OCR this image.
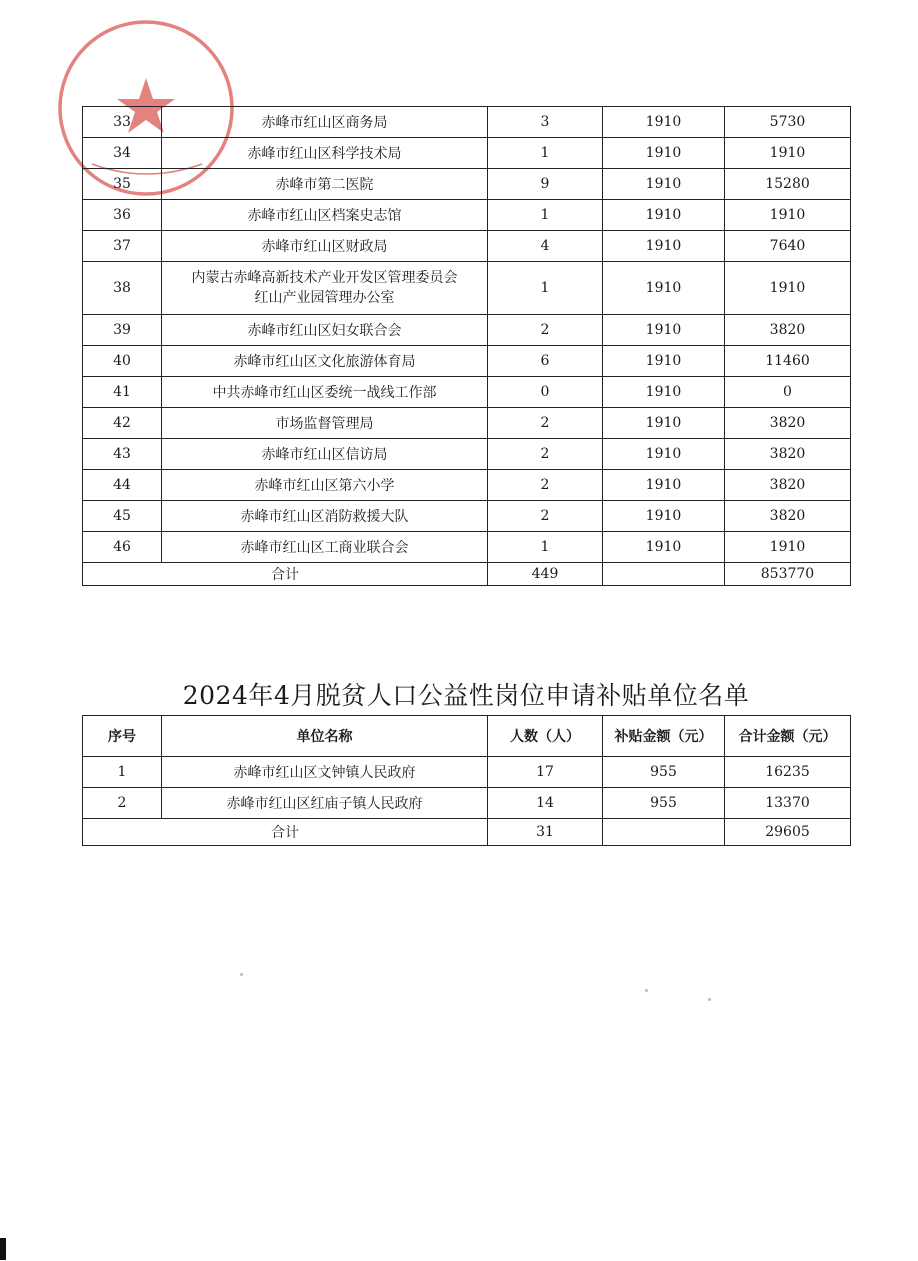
33	赤峰市红山区商务局	3	1910	5730
34	赤峰市红山区科学技术局	1	1910	1910
35	赤峰市第二医院	9	1910	15280
36	赤峰市红山区档案史志馆	1	1910	1910
37	赤峰市红山区财政局	4	1910	7640
38	内蒙古赤峰高新技术产业开发区管理委员会
红山产业园管理办公室	1	1910	1910
39	赤峰市红山区妇女联合会	2	1910	3820
40	赤峰市红山区文化旅游体育局	6	1910	11460
41	中共赤峰市红山区委统一战线工作部	0	1910	0
42	市场监督管理局	2	1910	3820
43	赤峰市红山区信访局	2	1910	3820
44	赤峰市红山区第六小学	2	1910	3820
45	赤峰市红山区消防救援大队	2	1910	3820
46	赤峰市红山区工商业联合会	1	1910	1910
合计		449		853770
2024年4月脱贫人口公益性岗位申请补贴单位名单
序号	单位名称	人数（人）	补贴金额（元）	合计金额（元）
1	赤峰市红山区文钟镇人民政府	17	955	16235
2	赤峰市红山区红庙子镇人民政府	14	955	13370
合计		31		29605
